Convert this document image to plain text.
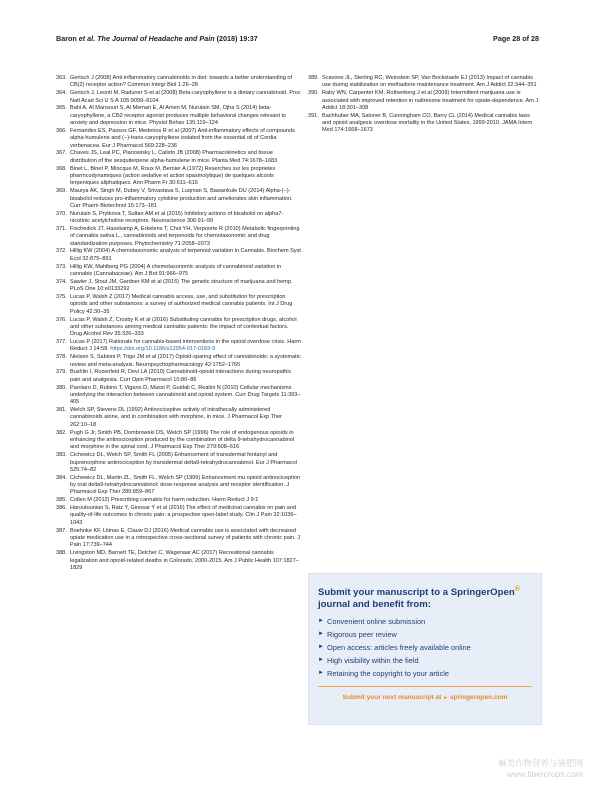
Baron et al. The Journal of Headache and Pain (2018) 19:37	Page 28 of 28
363. Gertsch J (2008) Anti-inflammatory cannabinoids in diet: towards a better understanding of CB(2) receptor action? Commun Integr Biol 1:26–28
364. Gertsch J, Leonti M, Raduner S et al (2008) Beta-caryophyllene is a dietary cannabinoid. Proc Natl Acad Sci U S A 105:9099–9104
365. Bahi A, Al Mansouri S, Al Memari E, Al Ameri M, Nurulain SM, Ojha S (2014) beta-caryophyllene, a CB2 receptor agonist produces multiple behavioral changes relevant to anxiety and depression in mice. Physiol Behav 135:119–124
366. Fernandes ES, Passos GF, Medeiros R et al (2007) Anti-inflammatory effects of compounds alpha-humulene and (−)-trans-caryophyllene isolated from the essential oil of Cordia verbenacea. Eur J Pharmacol 569:228–236
367. Chaves JS, Leal PC, Pianowisky L, Calixto JB (2008) Pharmacokinetics and tissue distribution of the sesquiterpene alpha-humulene in mice. Planta Med 74:1678–1683
368. Binet L, Binet P, Miocque M, Roux M, Bernier A (1972) Reserches sur les proprietes pharmcodynamiques (action sedative et action spasmolytique) de quelques alcools terpeniques aliphatiques. Ann Pharm Fr 30:611–616
369. Maurya AK, Singh M, Dubey V, Srivastava S, Luqman S, Bawankule DU (2014) Alpha-(−)-bisabolol reduces pro-inflammatory cytokine production and ameliorates skin inflammation. Curr Pharm Biotechnol 15:173–181
370. Nurulain S, Prytkova T, Sultan AM et al (2015) Inhibitory actions of bisabolol on alpha7-nicotinic acetylcholine receptors. Neuroscience 306:91–99
371. Fischedick JT, Hazekamp A, Erkelens T, Choi YH, Verpoorte R (2010) Metabolic fingerprinting of cannabis sativa L., cannabinoids and terpenoids for chemotaxonomic and drug standardization purposes. Phytochemistry 71:2058–2073
372. Hillig KW (2004) A chemotaxonomic analysis of terpenoid variation in Cannabis. Biochem Syst Ecol 32:875–891
373. Hillig KW, Mahlberg PG (2004) A chemotaxonomic analysis of cannabinoid variation in cannabis (Cannabaceae). Am J Bot 91:966–975
374. Sawler J, Stout JM, Gardner KM et al (2015) The genetic structure of marijuana and hemp. PLoS One 10:e0133292
375. Lucas P, Walsh Z (2017) Medical cannabis access, use, and substitution for prescription opioids and other substances: a survey of authorized medical cannabis patients. Int J Drug Policy 42:30–35
376. Lucas P, Walsh Z, Crosby K et al (2016) Substituting cannabis for prescription drugs, alcohol and other substances among medical cannabis patients: the impact of contextual factors. Drug Alcohol Rev 35:326–333
377. Lucas P (2017) Rationale for cannabis-based interventions in the opioid overdose crisis. Harm Reduct J 14:58. https://doi.org/10.1186/s12954-017-0183-9
378. Nielsen S, Sabioni P, Trigo JM et al (2017) Opioid-sparing effect of cannabinoids: a systematic review and meta-analysis. Neuropsychopharmacology 42:1752–1765
379. Bushlin I, Rozenfeld R, Devi LA (2010) Cannabinoid-opioid interactions during neuropathic pain and analgesia. Curr Opin Pharmacol 10:80–86
380. Parolaro D, Rubino T, Vigano D, Massi P, Guidali C, Realini N (2010) Cellular mechanisms underlying the interaction between cannabinoid and opioid system. Curr Drug Targets 11:393–405
381. Welch SP, Stevens DL (1992) Antinociceptive activity of intrathecally administered cannabinoids alone, and in combination with morphine, in mice. J Pharmacol Exp Ther 262:10–18
382. Pugh G Jr, Smith PB, Dombrowski DS, Welch SP (1996) The role of endogenous opioids in enhancing the antinociception produced by the combination of delta 9-tetrahydrocannabinol and morphine in the spinal cord. J Pharmacol Exp Ther 279:608–616
383. Cichewicz DL, Welch SP, Smith FL (2005) Enhancement of transdermal fentanyl and buprenorphine antinociception by transdermal delta9-tetrahydrocannabinol. Eur J Pharmacol 525:74–82
384. Cichewicz DL, Martin ZL, Smith FL, Welch SP (1999) Enhancement mu opioid antinociception by oral delta9-tetrahydrocannabinol: dose-response analysis and receptor identification. J Pharmacol Exp Ther 289:859–867
385. Collen M (2012) Prescribing cannabis for harm reduction. Harm Reduct J 9:1
386. Haroutounian S, Ratz Y, Ginosar Y et al (2016) The effect of medicinal cannabis on pain and quality-of-life outcomes in chronic pain: a prospective open-label study. Clin J Pain 32:1036–1043
387. Boehnke KF, Litinas E, Clauw DJ (2016) Medical cannabis use is associated with decreased opiate medication use in a retrospective cross-sectional survey of patients with chronic pain. J Pain 17:739–744
388. Livingston MD, Barnett TE, Delcher C, Wagenaar AC (2017) Recreational cannabis legalization and opioid-related deaths in Colorado, 2000-2015. Am J Public Health 107:1827–1829
389. Scavone JL, Sterling RC, Weinstein SP, Van Bockstaele EJ (2013) Impact of cannabis use during stabilization on methadone maintenance treatment. Am J Addict 22:344–351
390. Raby WN, Carpenter KM, Rothenberg J et al (2009) Intermittent marijuana use is associated with improved retention in naltrexone treatment for opiate-dependence. Am J Addict 18:301–308
391. Bachhuber MA, Saloner B, Cunningham CO, Barry CL (2014) Medical cannabis laws and opioid analgesic overdose mortality in the United States, 1999-2010. JAMA Intern Med 174:1668–1673
Submit your manuscript to a SpringerOpen®
journal and benefit from:
► Convenient online submission
► Rigorous peer review
► Open access: articles freely available online
► High visibility within the field
► Retaining the copyright to your article
Submit your next manuscript at ► springeropen.com
麻类作物营养与施肥网
www.fibercrops.com
